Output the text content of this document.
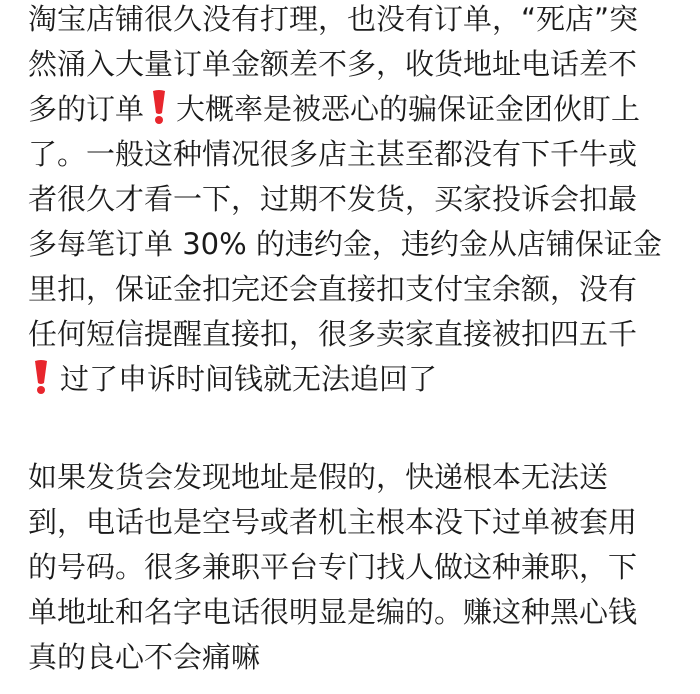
淘宝店铺很久没有打理，也没有订单，“死店”突
然涌入大量订单金额差不多，收货地址电话差不
多的订单 大概率是被恶心的骗保证金团伙盯上
了。一般这种情况很多店主甚至都没有下千牛或
者很久才看一下，过期不发货，买家投诉会扣最
多每笔订单 30% 的违约金，违约金从店铺保证金
里扣，保证金扣完还会直接扣支付宝余额，没有
任何短信提醒直接扣，很多卖家直接被扣四五千
过了申诉时间钱就无法追回了
如果发货会发现地址是假的，快递根本无法送
到，电话也是空号或者机主根本没下过单被套用
的号码。很多兼职平台专门找人做这种兼职，下
单地址和名字电话很明显是编的。赚这种黑心钱
真的良心不会痛嘛
